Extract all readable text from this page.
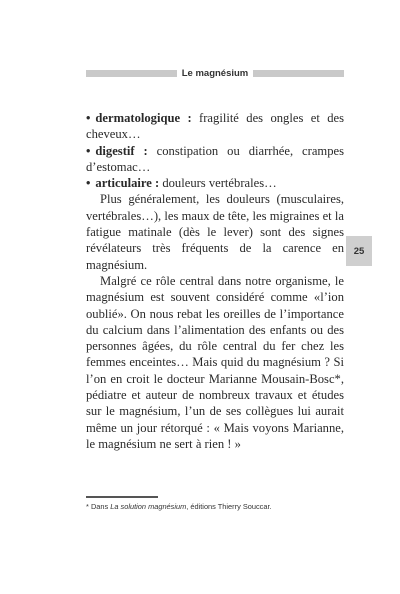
Le magnésium

• dermatologique : fragilité des ongles et des cheveux…

• digestif : constipation ou diarrhée, crampes d’estomac…

• articulaire : douleurs vertébrales…

Plus généralement, les douleurs (musculaires, vertébrales…), les maux de tête, les migraines et la fatigue matinale (dès le lever) sont des signes révélateurs très fréquents de la carence en magnésium.

Malgré ce rôle central dans notre organisme, le magnésium est souvent considéré comme «l’ion oublié». On nous rebat les oreilles de l’importance du calcium dans l’alimentation des enfants ou des personnes âgées, du rôle central du fer chez les femmes enceintes… Mais quid du magnésium ? Si l’on en croit le docteur Marianne Mousain-Bosc*, pédiatre et auteur de nombreux travaux et études sur le magnésium, l’un de ses collègues lui aurait même un jour rétorqué : « Mais voyons Marianne, le magnésium ne sert à rien ! »

25
* Dans La solution magnésium, éditions Thierry Souccar.
